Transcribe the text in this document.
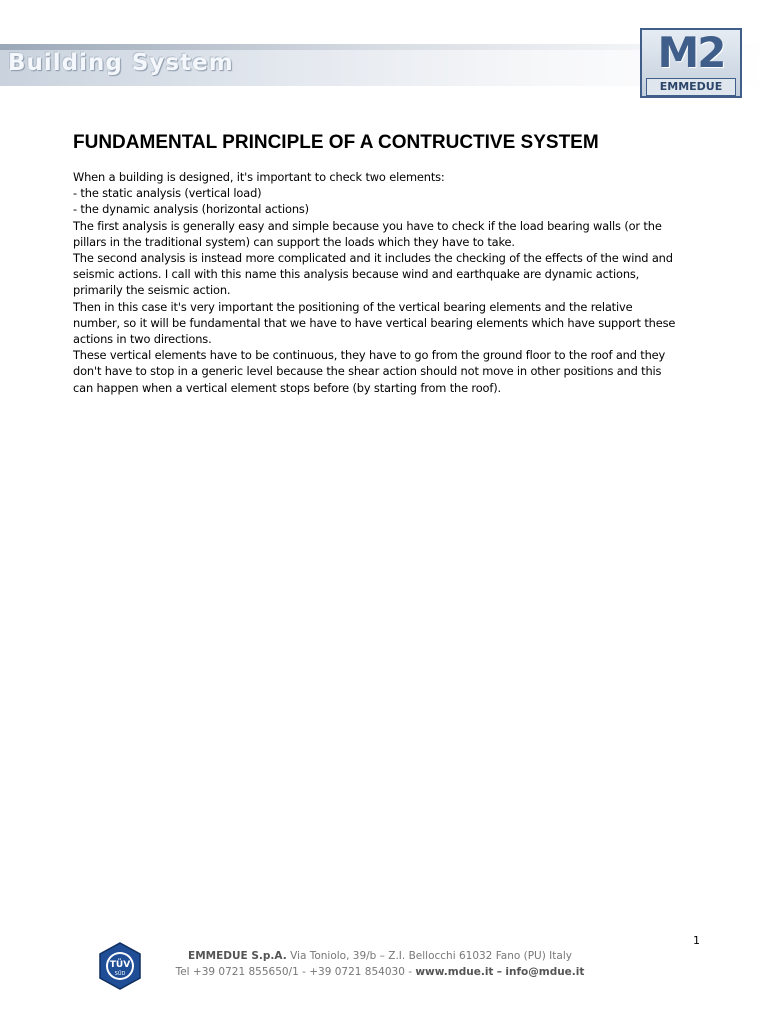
Building System	M2
EMMEDUE
FUNDAMENTAL PRINCIPLE OF A CONTRUCTIVE SYSTEM
When a building is designed, it's important to check two elements:
- the static analysis (vertical load)
- the dynamic analysis (horizontal actions)
The first analysis is generally easy and simple because you have to check if the load bearing walls (or the
pillars in the traditional system) can support the loads which they have to take.
The second analysis is instead more complicated and it includes the checking of the effects of the wind and
seismic actions. I call with this name this analysis because wind and earthquake are dynamic actions,
primarily the seismic action.
Then in this case it's very important the positioning of the vertical bearing elements and the relative
number, so it will be fundamental that we have to have vertical bearing elements which have support these
actions in two directions.
These vertical elements have to be continuous, they have to go from the ground floor to the roof and they
don't have to stop in a generic level because the shear action should not move in other positions and this
can happen when a vertical element stops before (by starting from the roof).
1
TÜV
SÜD
EMMEDUE S.p.A. Via Toniolo, 39/b – Z.I. Bellocchi 61032 Fano (PU) Italy
Tel +39 0721 855650/1 - +39 0721 854030 - www.mdue.it – info@mdue.it
